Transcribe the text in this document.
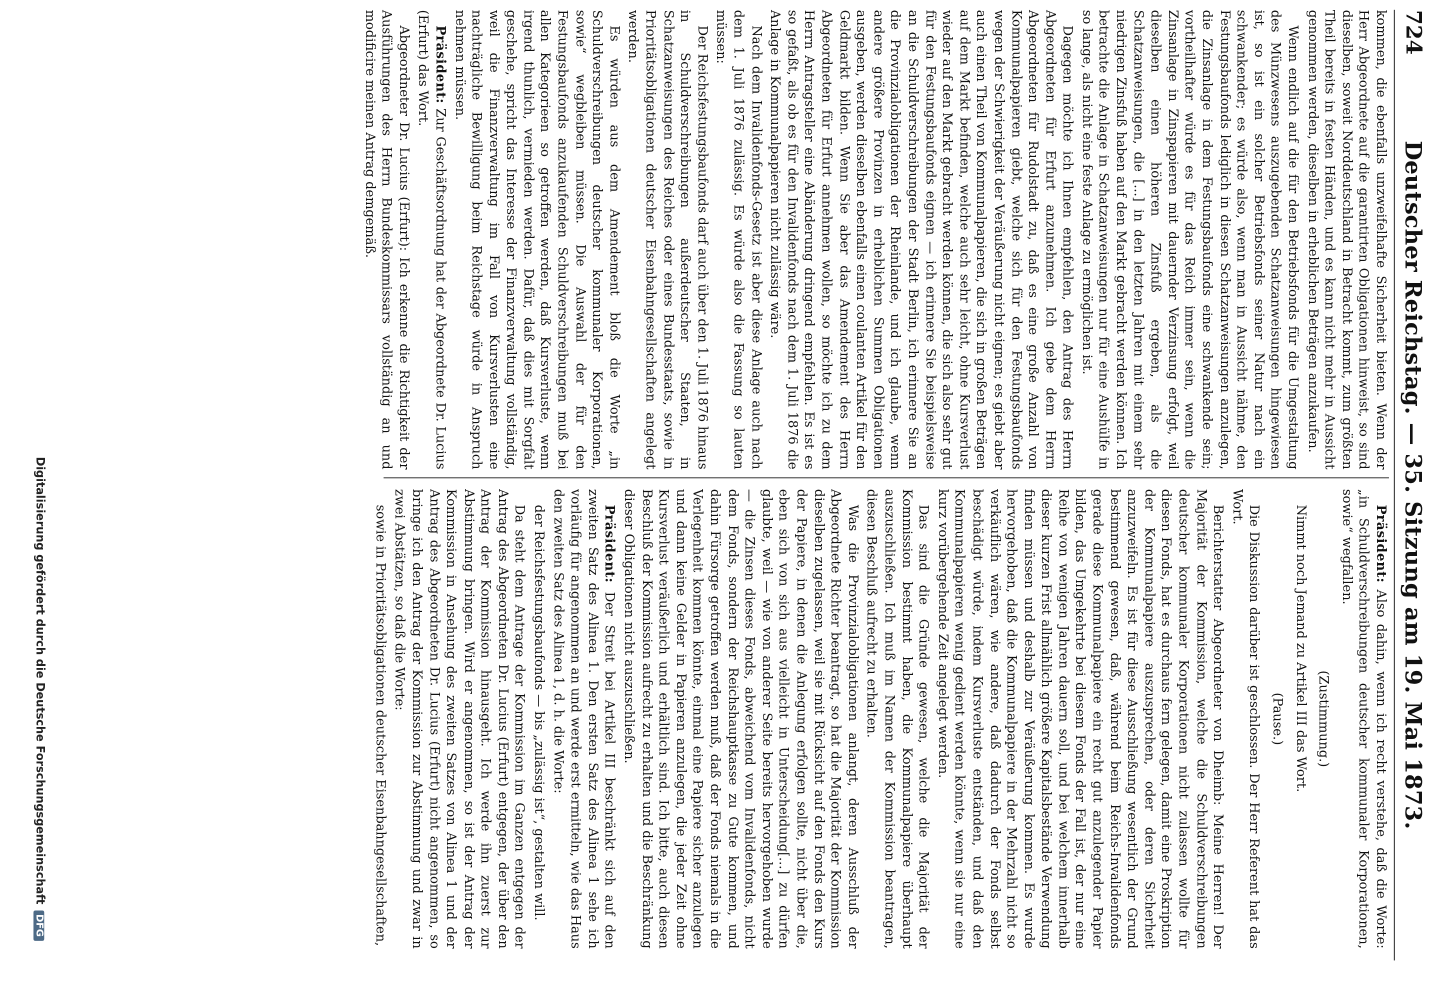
724
Deutscher Reichstag. — 35. Sitzung am 19. Mai 1873.

kommen, die ebenfalls unzweifelhafte Sicherheit bieten. Wenn der Herr Abgeordnete auf die garantirten Obligationen hinweist, so sind dieselben, soweit Norddeutschland in Betracht kommt, zum größten Theil bereits in festen Händen, und es kann nicht mehr in Aussicht genommen werden, dieselben in erheblichen Beträgen anzukaufen.

Wenn endlich auf die für den Betriebsfonds für die Umgestaltung des Münzwesens auszugebenden Schatzanweisungen hingewiesen ist, so ist ein solcher Betriebsfonds seiner Natur nach ein schwankender; es würde also, wenn man in Aussicht nähme, den Festungsbaufonds lediglich in diesen Schatzanweisungen anzulegen, die Zinsanlage in dem Festungsbaufonds eine schwankende sein; vortheilhafter würde es für das Reich immer sein, wenn die Zinsanlage in Zinspapieren mit dauernder Verzinsung erfolgt, weil dieselben einen höheren Zinsfuß ergeben, als die Schatzanweisungen, die [...] in den letzten Jahren mit einem sehr niedrigen Zinsfuß haben auf den Markt gebracht werden können. Ich betrachte die Anlage in Schatzanweisungen nur für eine Aushülfe in so lange, als nicht eine feste Anlage zu ermöglichen ist.

Dagegen möchte ich Ihnen empfehlen, den Antrag des Herrn Abgeordneten für Erfurt anzunehmen. Ich gebe dem Herrn Abgeordneten für Rudolstadt zu, daß es eine große Anzahl von Kommunalpapieren giebt, welche sich für den Festungsbaufonds wegen der Schwierigkeit der Veräußerung nicht eignen; es giebt aber auch einen Theil von Kommunalpapieren, die sich in großen Beträgen auf dem Markt befinden, welche auch sehr leicht, ohne Kursverlust wieder auf den Markt gebracht werden können, die sich also sehr gut für den Festungsbaufonds eignen — ich erinnere Sie beispielsweise an die Schuldverschreibungen der Stadt Berlin, ich erinnere Sie an die Provinzialobligationen der Rheinlande, und ich glaube, wenn andere größere Provinzen in erheblichen Summen Obligationen ausgeben, werden dieselben ebenfalls einen coulanten Artikel für den Geldmarkt bilden. Wenn Sie aber das Amendement des Herrn Abgeordneten für Erfurt annehmen wollen, so möchte ich zu dem Herrn Antragsteller eine Abänderung dringend empfehlen. Es ist es so gefaßt, als ob es für den Invalidenfonds nach dem 1. Juli 1876 die Anlage in Kommunalpapieren nicht zulässig wäre.

Nach dem Invalidenfonds-Gesetz ist aber diese Anlage auch nach dem 1. Juli 1876 zulässig. Es würde also die Fassung so lauten müssen:

Der Reichsfestungsbaufonds darf auch über den 1. Juli 1876 hinaus in Schuldverschreibungen außerdeutscher Staaten, in Schatzanweisungen des Reiches oder eines Bundesstaats, sowie in Prioritätsobligationen deutscher Eisenbahngesellschaften angelegt werden.

Es würden aus dem Amendement bloß die Worte „in Schuldverschreibungen deutscher kommunaler Korporationen, sowie“ wegbleiben müssen. Die Auswahl der für den Festungsbaufonds anzukaufenden Schuldverschreibungen muß bei allen Kategorieen so getroffen werden, daß Kursverluste, wenn irgend thunlich, vermieden werden. Dafür, daß dies mit Sorgfalt geschehe, spricht das Interesse der Finanzverwaltung vollständig, weil die Finanzverwaltung im Fall von Kursverlusten eine nachträgliche Bewilligung beim Reichstage würde in Anspruch nehmen müssen.

Präsident: Zur Geschäftsordnung hat der Abgeordnete Dr. Lucius (Erfurt) das Wort.

Abgeordneter Dr. Lucius (Erfurt): Ich erkenne die Richtigkeit der Ausführungen des Herrn Bundeskommissars vollständig an und modificire meinen Antrag demgemäß.

Präsident: Also dahin, wenn ich recht verstehe, daß die Worte: „in Schuldverschreibungen deutscher kommunaler Korporationen, sowie“ wegfallen.

(Zustimmung.)

Nimmt noch Jemand zu Artikel III das Wort.

(Pause.)

Die Diskussion darüber ist geschlossen. Der Herr Referent hat das Wort.

Berichterstatter Abgeordneter von Dheimb: Meine Herren! Der Majorität der Kommission, welche die Schuldverschreibungen deutscher kommunaler Korporationen nicht zulassen wollte für diesen Fonds, hat es durchaus fern gelegen, damit eine Proskription der Kommunalpapiere auszusprechen, oder deren Sicherheit anzuzweifeln. Es ist für diese Ausschließung wesentlich der Grund bestimmend gewesen, daß, während beim Reichs-Invalidenfonds gerade diese Kommunalpapiere ein recht gut anzulegender Papier bilden, das Umgekehrte bei diesem Fonds der Fall ist, der nur eine Reihe von wenigen Jahren dauern soll, und bei welchem innerhalb dieser kurzen Frist allmählich größere Kapitalsbestände Verwendung finden müssen und deshalb zur Veräußerung kommen. Es wurde hervorgehoben, daß die Kommunalpapiere in der Mehrzahl nicht so verkäuflich wären, wie andere, daß dadurch der Fonds selbst beschädigt würde, indem Kursverluste entständen, und daß den Kommunalpapieren wenig gedient werden könnte, wenn sie nur eine kurz vorübergehende Zeit angelegt werden.

Das sind die Gründe gewesen, welche die Majorität der Kommission bestimmt haben, die Kommunalpapiere überhaupt auszuschließen. Ich muß im Namen der Kommission beantragen, diesen Beschluß aufrecht zu erhalten.

Was die Provinzialobligationen anlangt, deren Ausschluß der Abgeordnete Richter beantragt, so hat die Majorität der Kommission dieselben zugelassen, weil sie mit Rücksicht auf den Fonds den Kurs der Papiere, in denen die Anlegung erfolgen sollte, nicht über die, eben sich von sich aus vielleicht in Unterscheidung[...] zu dürfen glaubte, weil — wie von anderer Seite bereits hervorgehoben wurde — die Zinsen dieses Fonds, abweichend vom Invalidenfonds, nicht dem Fonds, sondern der Reichshauptkasse zu Gute kommen, und dahin Fürsorge getroffen werden muß, daß der Fonds niemals in die Verlegenheit kommen könnte, einmal eine Papiere sicher anzulegen und dann keine Gelder in Papieren anzulegen, die jeder Zeit ohne Kursverlust veräußerlich und erhältlich sind. Ich bitte, auch diesen Beschluß der Kommission aufrecht zu erhalten und die Beschränkung dieser Obligationen nicht auszuschließen.

Präsident: Der Streit bei Artikel III beschränkt sich auf den zweiten Satz des Alinea 1. Den ersten Satz des Alinea 1 sehe ich vorläufig für angenommen an und werde erst ermitteln, wie das Haus den zweiten Satz des Alinea 1, d. h. die Worte:

der Reichsfestungsbaufonds — bis „zulässig ist“, gestalten will.

Da steht dem Antrage der Kommission im Ganzen entgegen der Antrag des Abgeordneten Dr. Lucius (Erfurt) entgegen, der über den Antrag der Kommission hinausgeht. Ich werde ihn zuerst zur Abstimmung bringen. Wird er angenommen, so ist der Antrag der Kommission in Ansehung des zweiten Satzes von Alinea 1 und der Antrag des Abgeordneten Dr. Lucius (Erfurt) nicht angenommen, so bringe ich den Antrag der Kommission zur Abstimmung und zwar in zwei Abstätzen, so daß die Worte:

sowie in Prioritätsobligationen deutscher Eisenbahngesellschaften,

Digitalisierung gefördert durch die Deutsche ForschungsgemeinschaftDFG
